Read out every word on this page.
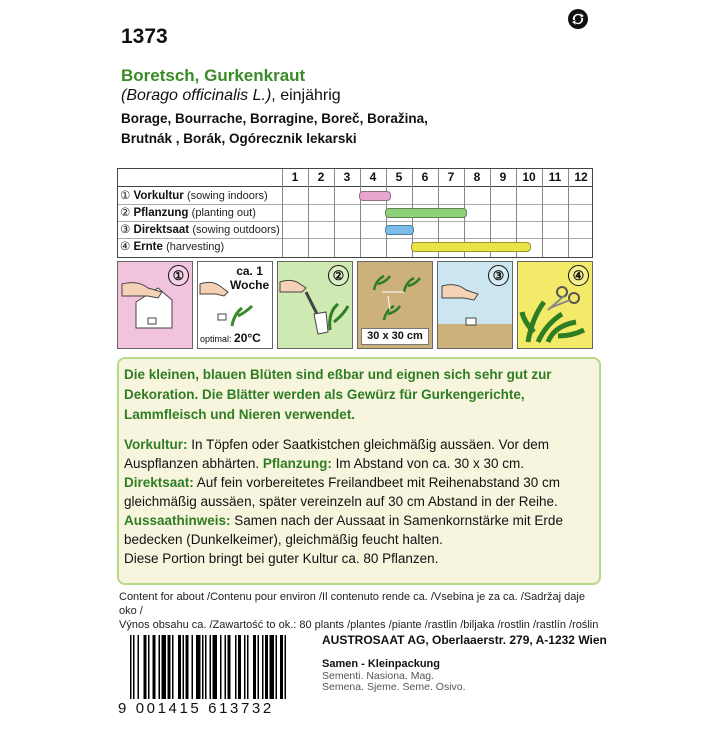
1373
Boretsch, Gurkenkraut
(Borago officinalis L.), einjährig
Borage, Bourrache, Borragine, Boreč, Boražina,
Brutnák , Borák, Ogórecznik lekarski
① Vorkultur (sowing indoors)
② Pflanzung (planting out)
③ Direktsaat (sowing outdoors)
④ Ernte (harvesting)
1	2	3	4	5	6	7	8	9	10	11	12
①	ca. 1
Woche
optimal: 20°C
②
30 x 30 cm
③	④
Die kleinen, blauen Blüten sind eßbar und eignen sich sehr gut zur Dekoration. Die Blätter werden als Gewürz für Gurkengerichte, Lammfleisch und Nieren verwendet.
Vorkultur: In Töpfen oder Saatkistchen gleichmäßig aussäen. Vor dem Auspflanzen abhärten. Pflanzung: Im Abstand von ca. 30 x 30 cm.
Direktsaat: Auf fein vorbereitetes Freilandbeet mit Reihenabstand 30 cm gleichmäßig aussäen, später vereinzeln auf 30 cm Abstand in der Reihe.
Aussaathinweis: Samen nach der Aussaat in Samenkornstärke mit Erde bedecken (Dunkelkeimer), gleichmäßig feucht halten.
Diese Portion bringt bei guter Kultur ca. 80 Pflanzen.
Content for about /Contenu pour environ /Il contenuto rende ca. /Vsebina je za ca. /Sadržaj daje oko /
Výnos obsahu ca. /Zawartość to ok.: 80 plants /plantes /piante /rastlin /biljaka /rostlin /rastlín /roślin
9 001415 613732
AUSTROSAAT AG, Oberlaaerstr. 279, A-1232 Wien
Samen - Kleinpackung
Sementi. Nasiona. Mag.
Semena. Sjeme. Seme. Osivo.
